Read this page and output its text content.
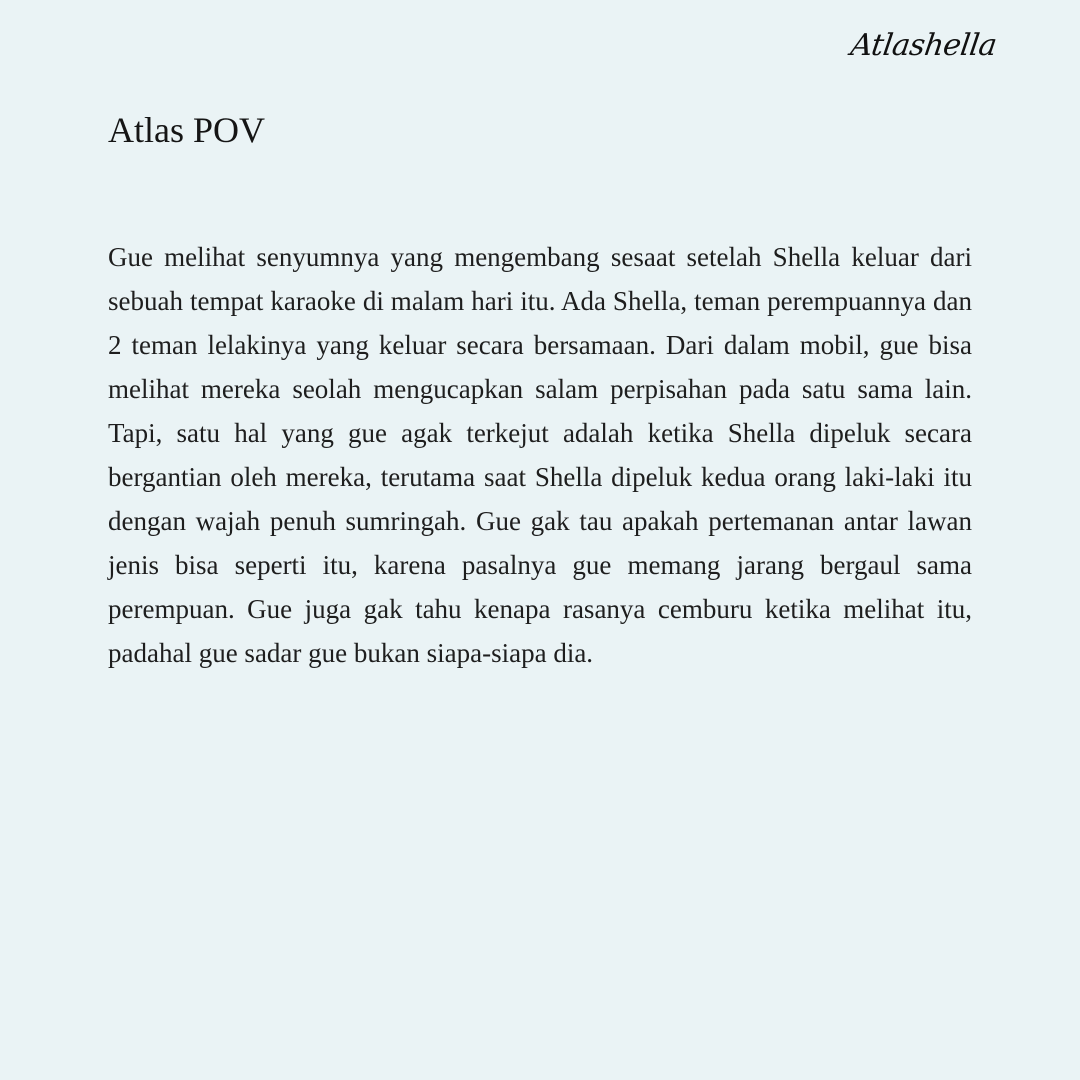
Atlashella
Atlas POV

Gue melihat senyumnya yang mengembang sesaat setelah Shella keluar dari sebuah tempat karaoke di malam hari itu. Ada Shella, teman perempuannya dan 2 teman lelakinya yang keluar secara bersamaan. Dari dalam mobil, gue bisa melihat mereka seolah mengucapkan salam perpisahan pada satu sama lain. Tapi, satu hal yang gue agak terkejut adalah ketika Shella dipeluk secara bergantian oleh mereka, terutama saat Shella dipeluk kedua orang laki-laki itu dengan wajah penuh sumringah. Gue gak tau apakah pertemanan antar lawan jenis bisa seperti itu, karena pasalnya gue memang jarang bergaul sama perempuan. Gue juga gak tahu kenapa rasanya cemburu ketika melihat itu, padahal gue sadar gue bukan siapa-siapa dia.
